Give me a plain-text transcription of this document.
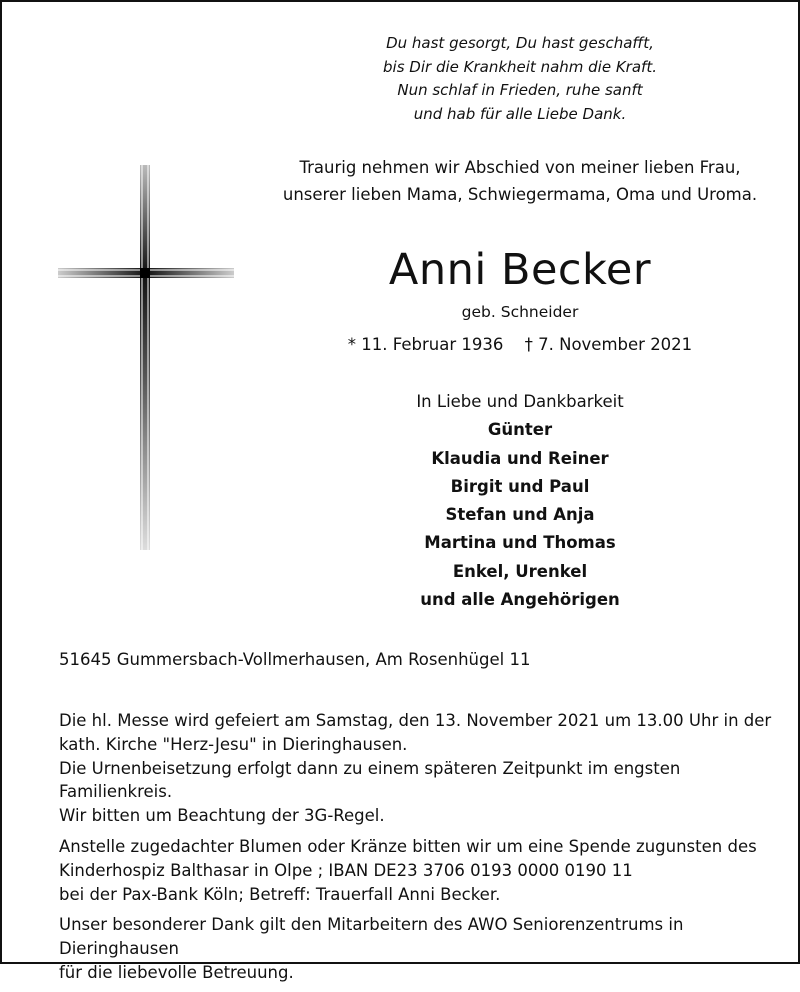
Du hast gesorgt, Du hast geschafft,
bis Dir die Krankheit nahm die Kraft.
Nun schlaf in Frieden, ruhe sanft
und hab für alle Liebe Dank.
Traurig nehmen wir Abschied von meiner lieben Frau,
unserer lieben Mama, Schwiegermama, Oma und Uroma.
Anni Becker
geb. Schneider
* 11. Februar 1936 † 7. November 2021
In Liebe und Dankbarkeit
Günter
Klaudia und Reiner
Birgit und Paul
Stefan und Anja
Martina und Thomas
Enkel, Urenkel
und alle Angehörigen
51645 Gummersbach-Vollmerhausen, Am Rosenhügel 11

Die hl. Messe wird gefeiert am Samstag, den 13. November 2021 um 13.00 Uhr in der
kath. Kirche "Herz-Jesu" in Dieringhausen.
Die Urnenbeisetzung erfolgt dann zu einem späteren Zeitpunkt im engsten Familienkreis.
Wir bitten um Beachtung der 3G-Regel.

Anstelle zugedachter Blumen oder Kränze bitten wir um eine Spende zugunsten des
Kinderhospiz Balthasar in Olpe ; IBAN DE23 3706 0193 0000 0190 11
bei der Pax-Bank Köln; Betreff: Trauerfall Anni Becker.

Unser besonderer Dank gilt den Mitarbeitern des AWO Seniorenzentrums in Dieringhausen
für die liebevolle Betreuung.
